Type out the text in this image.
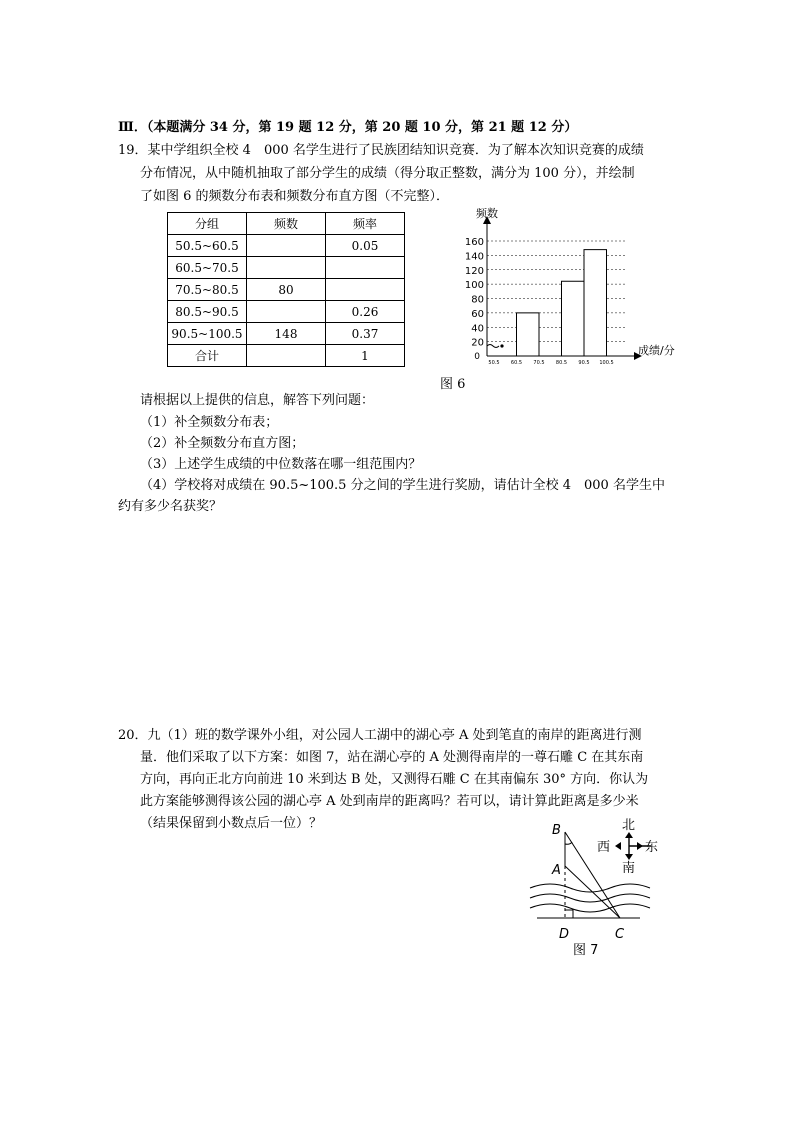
Ⅲ．（本题满分 34 分，第 19 题 12 分，第 20 题 10 分，第 21 题 12 分）
19．某中学组织全校 4　000 名学生进行了民族团结知识竞赛．为了解本次知识竞赛的成绩
分布情况，从中随机抽取了部分学生的成绩（得分取正整数，满分为 100 分），并绘制
了如图 6 的频数分布表和频数分布直方图（不完整）．
分组	频数	频率
50.5~60.5		0.05
60.5~70.5		
70.5~80.5	80	
80.5~90.5		0.26
90.5~100.5	148	0.37
合计		1
频数
成绩/分
0
20
40
60
80
100
120
140
160
50.5 60.5 70.5 80.5 90.5 100.5
图 6
请根据以上提供的信息，解答下列问题：
（1）补全频数分布表；
（2）补全频数分布直方图；
（3）上述学生成绩的中位数落在哪一组范围内？
（4）学校将对成绩在 90.5~100.5 分之间的学生进行奖励，请估计全校 4　000 名学生中
约有多少名获奖？
20．九（1）班的数学课外小组，对公园人工湖中的湖心亭 A 处到笔直的南岸的距离进行测
量．他们采取了以下方案：如图 7，站在湖心亭的 A 处测得南岸的一尊石雕 C 在其东南
方向，再向正北方向前进 10 米到达 B 处，又测得石雕 C 在其南偏东 30° 方向．你认为
此方案能够测得该公园的湖心亭 A 处到南岸的距离吗？若可以，请计算此距离是多少米
（结果保留到小数点后一位）？	B
A
D	C
北
西	东
南
图 7
